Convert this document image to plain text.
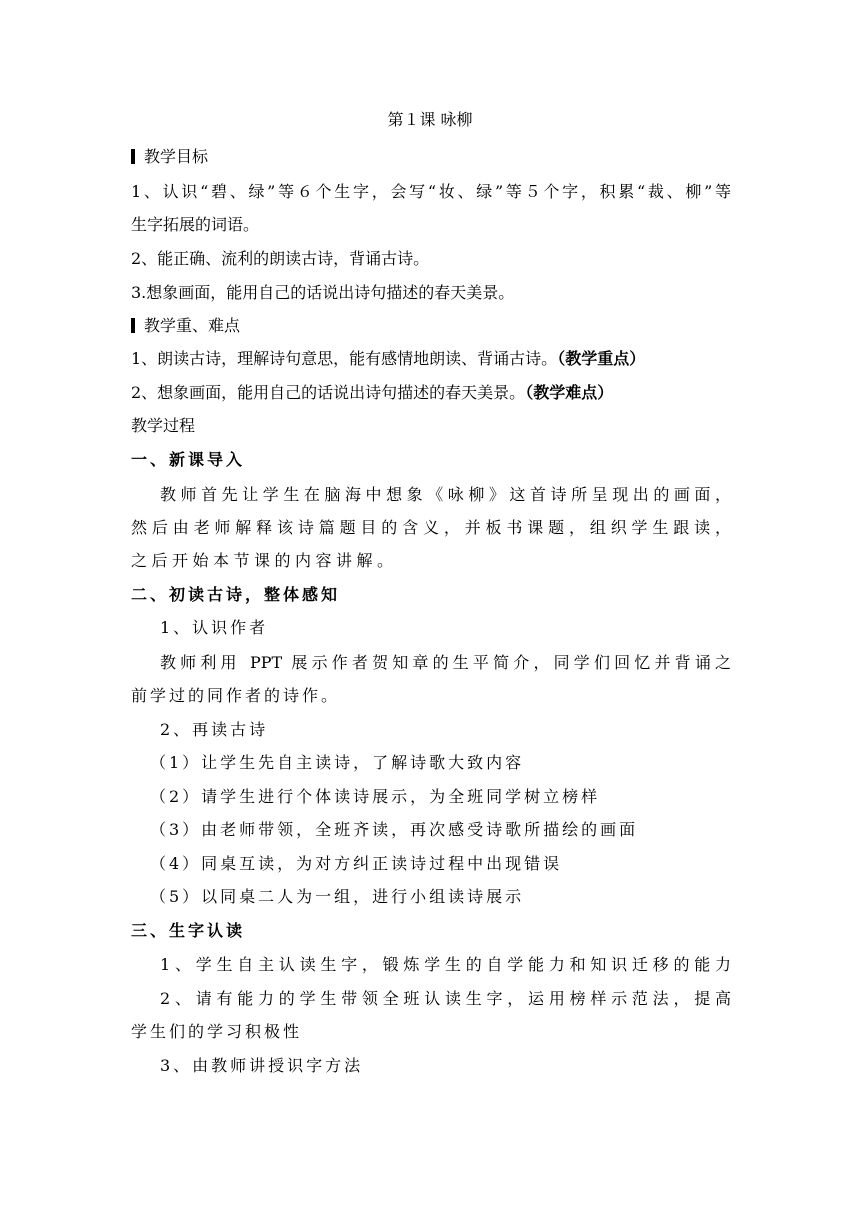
第１课 咏柳
教学目标
1、认识“碧、绿”等６个生字，会写“妆、绿”等５个字，积累“裁、柳”等
生字拓展的词语。
2、能正确、流利的朗读古诗，背诵古诗。
3.想象画面，能用自己的话说出诗句描述的春天美景。
教学重、难点
1、朗读古诗，理解诗句意思，能有感情地朗读、背诵古诗。（教学重点）
2、想象画面，能用自己的话说出诗句描述的春天美景。（教学难点）
教学过程
一、新课导入
教师首先让学生在脑海中想象《咏柳》这首诗所呈现出的画面，
然后由老师解释该诗篇题目的含义，并板书课题，组织学生跟读，
之后开始本节课的内容讲解。
二、初读古诗，整体感知
1、认识作者
教师利用 PPT 展示作者贺知章的生平简介，同学们回忆并背诵之
前学过的同作者的诗作。
2、再读古诗
（1）让学生先自主读诗，了解诗歌大致内容
（2）请学生进行个体读诗展示，为全班同学树立榜样
（3）由老师带领，全班齐读，再次感受诗歌所描绘的画面
（4）同桌互读，为对方纠正读诗过程中出现错误
（5）以同桌二人为一组，进行小组读诗展示
三、生字认读
1、学生自主认读生字，锻炼学生的自学能力和知识迁移的能力
2、请有能力的学生带领全班认读生字，运用榜样示范法，提高
学生们的学习积极性
3、由教师讲授识字方法
